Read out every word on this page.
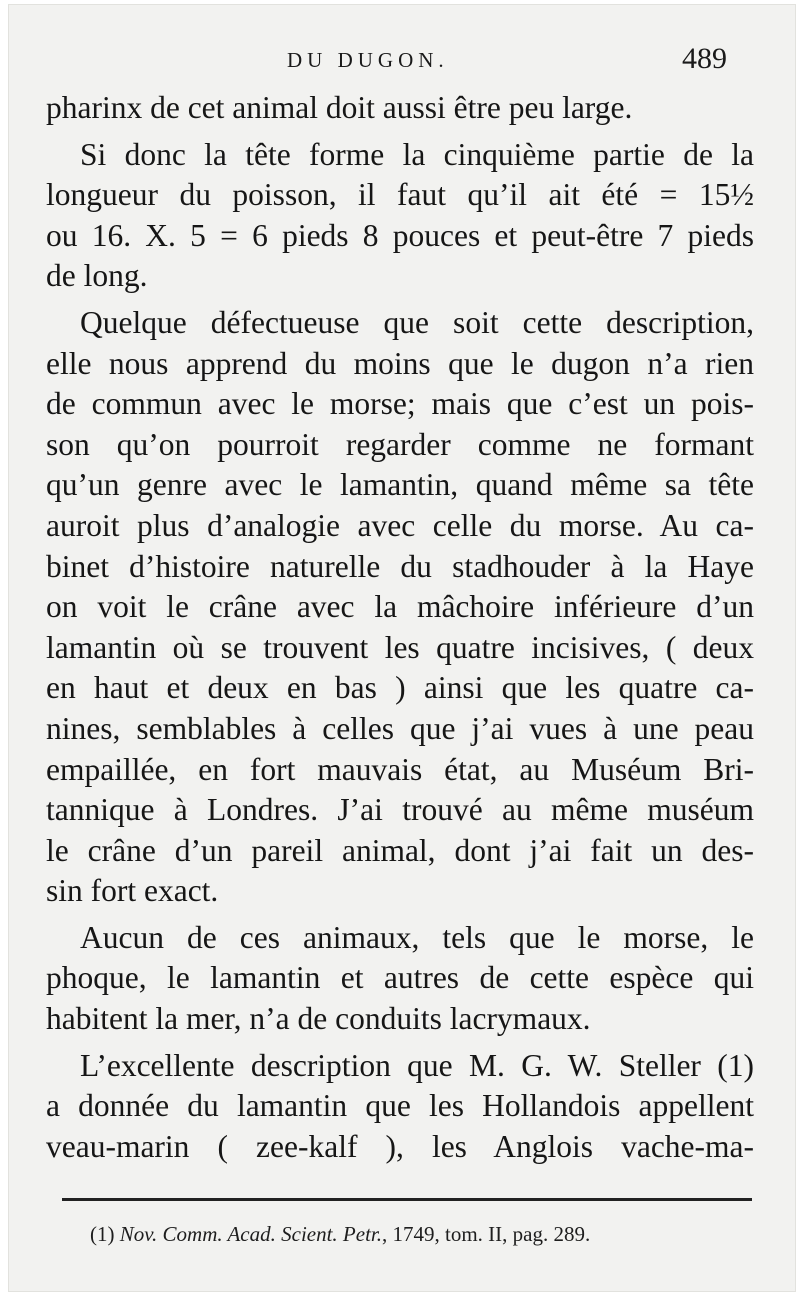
DU DUGON.	489
pharinx de cet animal doit aussi être peu large.
Si donc la tête forme la cinquième partie de la
longueur du poisson, il faut qu’il ait été = 15½
ou 16. X. 5 = 6 pieds 8 pouces et peut-être 7 pieds
de long.
Quelque défectueuse que soit cette description,
elle nous apprend du moins que le dugon n’a rien
de commun avec le morse; mais que c’est un pois-
son qu’on pourroit regarder comme ne formant
qu’un genre avec le lamantin, quand même sa tête
auroit plus d’analogie avec celle du morse. Au ca-
binet d’histoire naturelle du stadhouder à la Haye
on voit le crâne avec la mâchoire inférieure d’un
lamantin où se trouvent les quatre incisives, ( deux
en haut et deux en bas ) ainsi que les quatre ca-
nines, semblables à celles que j’ai vues à une peau
empaillée, en fort mauvais état, au Muséum Bri-
tannique à Londres. J’ai trouvé au même muséum
le crâne d’un pareil animal, dont j’ai fait un des-
sin fort exact.
Aucun de ces animaux, tels que le morse, le
phoque, le lamantin et autres de cette espèce qui
habitent la mer, n’a de conduits lacrymaux.
L’excellente description que M. G. W. Steller (1)
a donnée du lamantin que les Hollandois appellent
veau-marin ( zee-kalf ), les Anglois vache-ma-
(1) Nov. Comm. Acad. Scient. Petr., 1749, tom. II, pag. 289.
